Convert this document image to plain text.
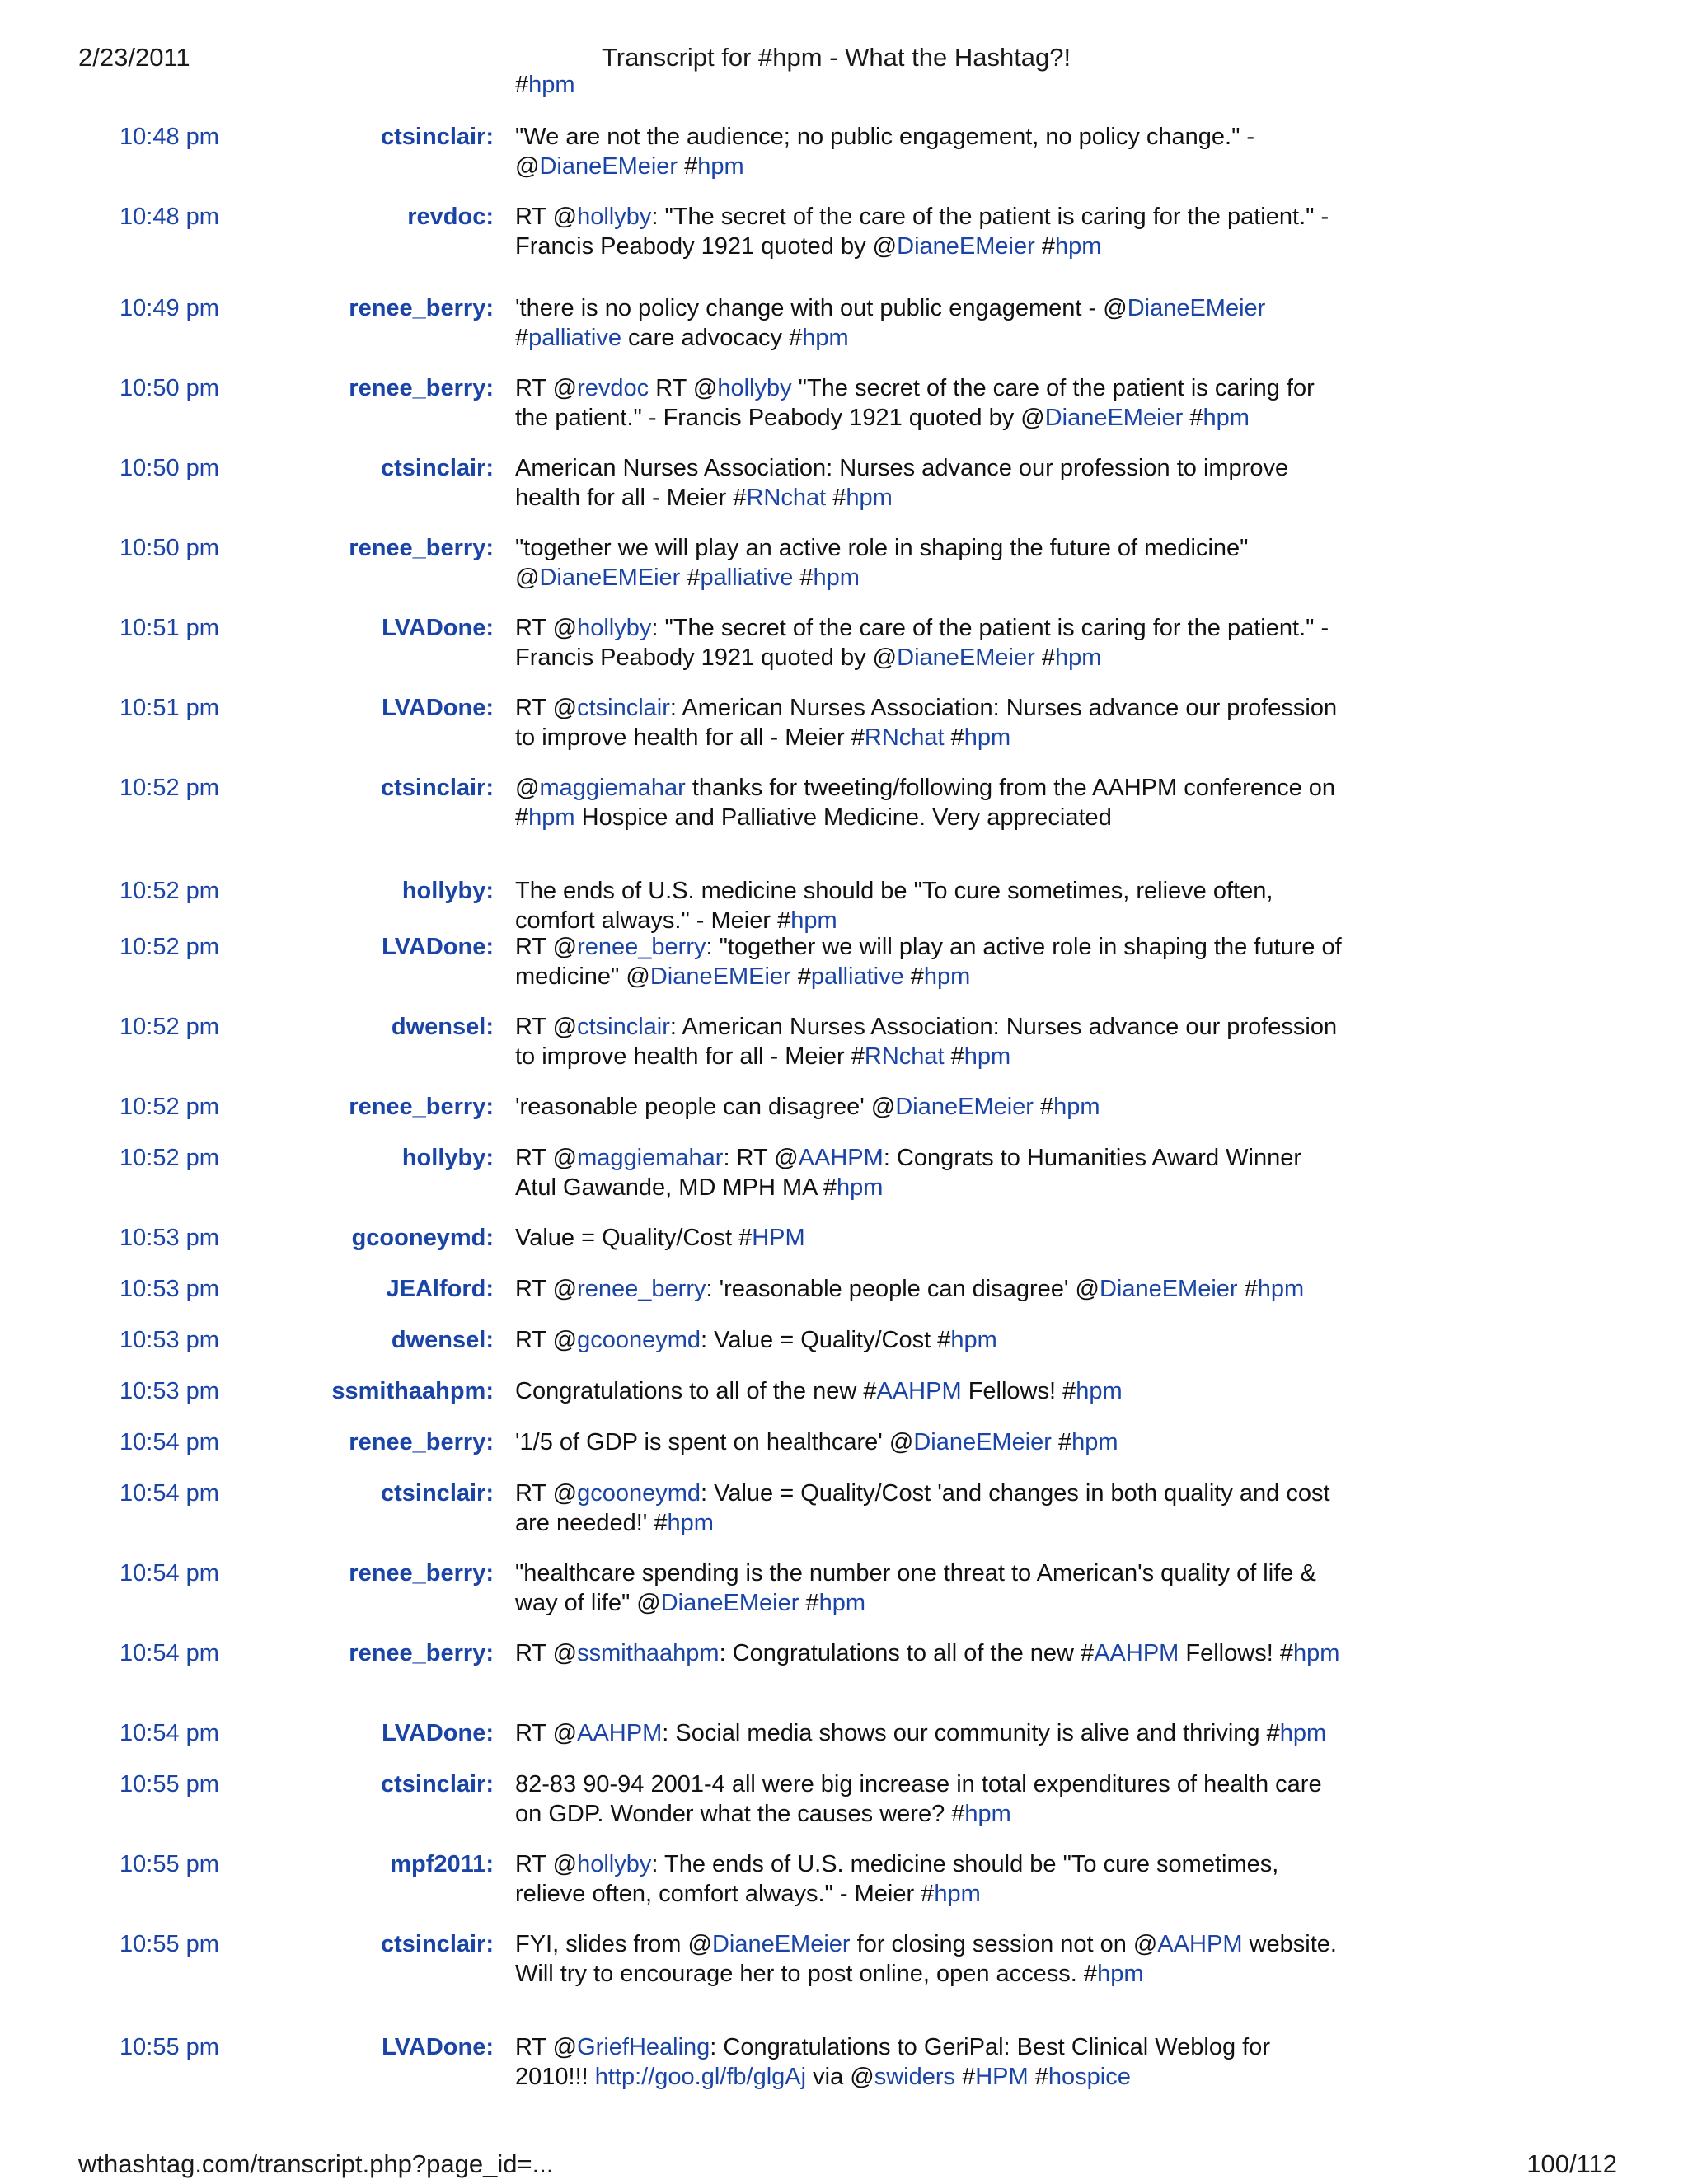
2/23/2011	Transcript for #hpm - What the Hashtag?!
#hpm
10:48 pm	ctsinclair: "We are not the audience; no public engagement, no policy change." - @DianeEMeier #hpm
10:48 pm	revdoc: RT @hollyby: "The secret of the care of the patient is caring for the patient." - Francis Peabody 1921 quoted by @DianeEMeier #hpm
10:49 pm	renee_berry: 'there is no policy change with out public engagement - @DianeEMeier #palliative care advocacy #hpm
10:50 pm	renee_berry: RT @revdoc RT @hollyby "The secret of the care of the patient is caring for the patient." - Francis Peabody 1921 quoted by @DianeEMeier #hpm
10:50 pm	ctsinclair: American Nurses Association: Nurses advance our profession to improve health for all - Meier #RNchat #hpm
10:50 pm	renee_berry: "together we will play an active role in shaping the future of medicine" @DianeEMEier #palliative #hpm
10:51 pm	LVADone: RT @hollyby: "The secret of the care of the patient is caring for the patient." - Francis Peabody 1921 quoted by @DianeEMeier #hpm
10:51 pm	LVADone: RT @ctsinclair: American Nurses Association: Nurses advance our profession to improve health for all - Meier #RNchat #hpm
10:52 pm	ctsinclair: @maggiemahar thanks for tweeting/following from the AAHPM conference on #hpm Hospice and Palliative Medicine. Very appreciated
10:52 pm	hollyby: The ends of U.S. medicine should be "To cure sometimes, relieve often, comfort always." - Meier #hpm
10:52 pm	LVADone: RT @renee_berry: "together we will play an active role in shaping the future of medicine" @DianeEMEier #palliative #hpm
10:52 pm	dwensel: RT @ctsinclair: American Nurses Association: Nurses advance our profession to improve health for all - Meier #RNchat #hpm
10:52 pm	renee_berry: 'reasonable people can disagree' @DianeEMeier #hpm
10:52 pm	hollyby: RT @maggiemahar: RT @AAHPM: Congrats to Humanities Award Winner Atul Gawande, MD MPH MA #hpm
10:53 pm	gcooneymd: Value = Quality/Cost #HPM
10:53 pm	JEAlford: RT @renee_berry: 'reasonable people can disagree' @DianeEMeier #hpm
10:53 pm	dwensel: RT @gcooneymd: Value = Quality/Cost #hpm
10:53 pm	ssmithaahpm: Congratulations to all of the new #AAHPM Fellows! #hpm
10:54 pm	renee_berry: '1/5 of GDP is spent on healthcare' @DianeEMeier #hpm
10:54 pm	ctsinclair: RT @gcooneymd: Value = Quality/Cost 'and changes in both quality and cost are needed!' #hpm
10:54 pm	renee_berry: "healthcare spending is the number one threat to American's quality of life & way of life" @DianeEMeier #hpm
10:54 pm	renee_berry: RT @ssmithaahpm: Congratulations to all of the new #AAHPM Fellows! #hpm
10:54 pm	LVADone: RT @AAHPM: Social media shows our community is alive and thriving #hpm
10:55 pm	ctsinclair: 82-83 90-94 2001-4 all were big increase in total expenditures of health care on GDP. Wonder what the causes were? #hpm
10:55 pm	mpf2011: RT @hollyby: The ends of U.S. medicine should be "To cure sometimes, relieve often, comfort always." - Meier #hpm
10:55 pm	ctsinclair: FYI, slides from @DianeEMeier for closing session not on @AAHPM website. Will try to encourage her to post online, open access. #hpm
10:55 pm	LVADone: RT @GriefHealing: Congratulations to GeriPal: Best Clinical Weblog for 2010!!! http://goo.gl/fb/glgAj via @swiders #HPM #hospice
wthashtag.com/transcript.php?page_id=...	100/112
